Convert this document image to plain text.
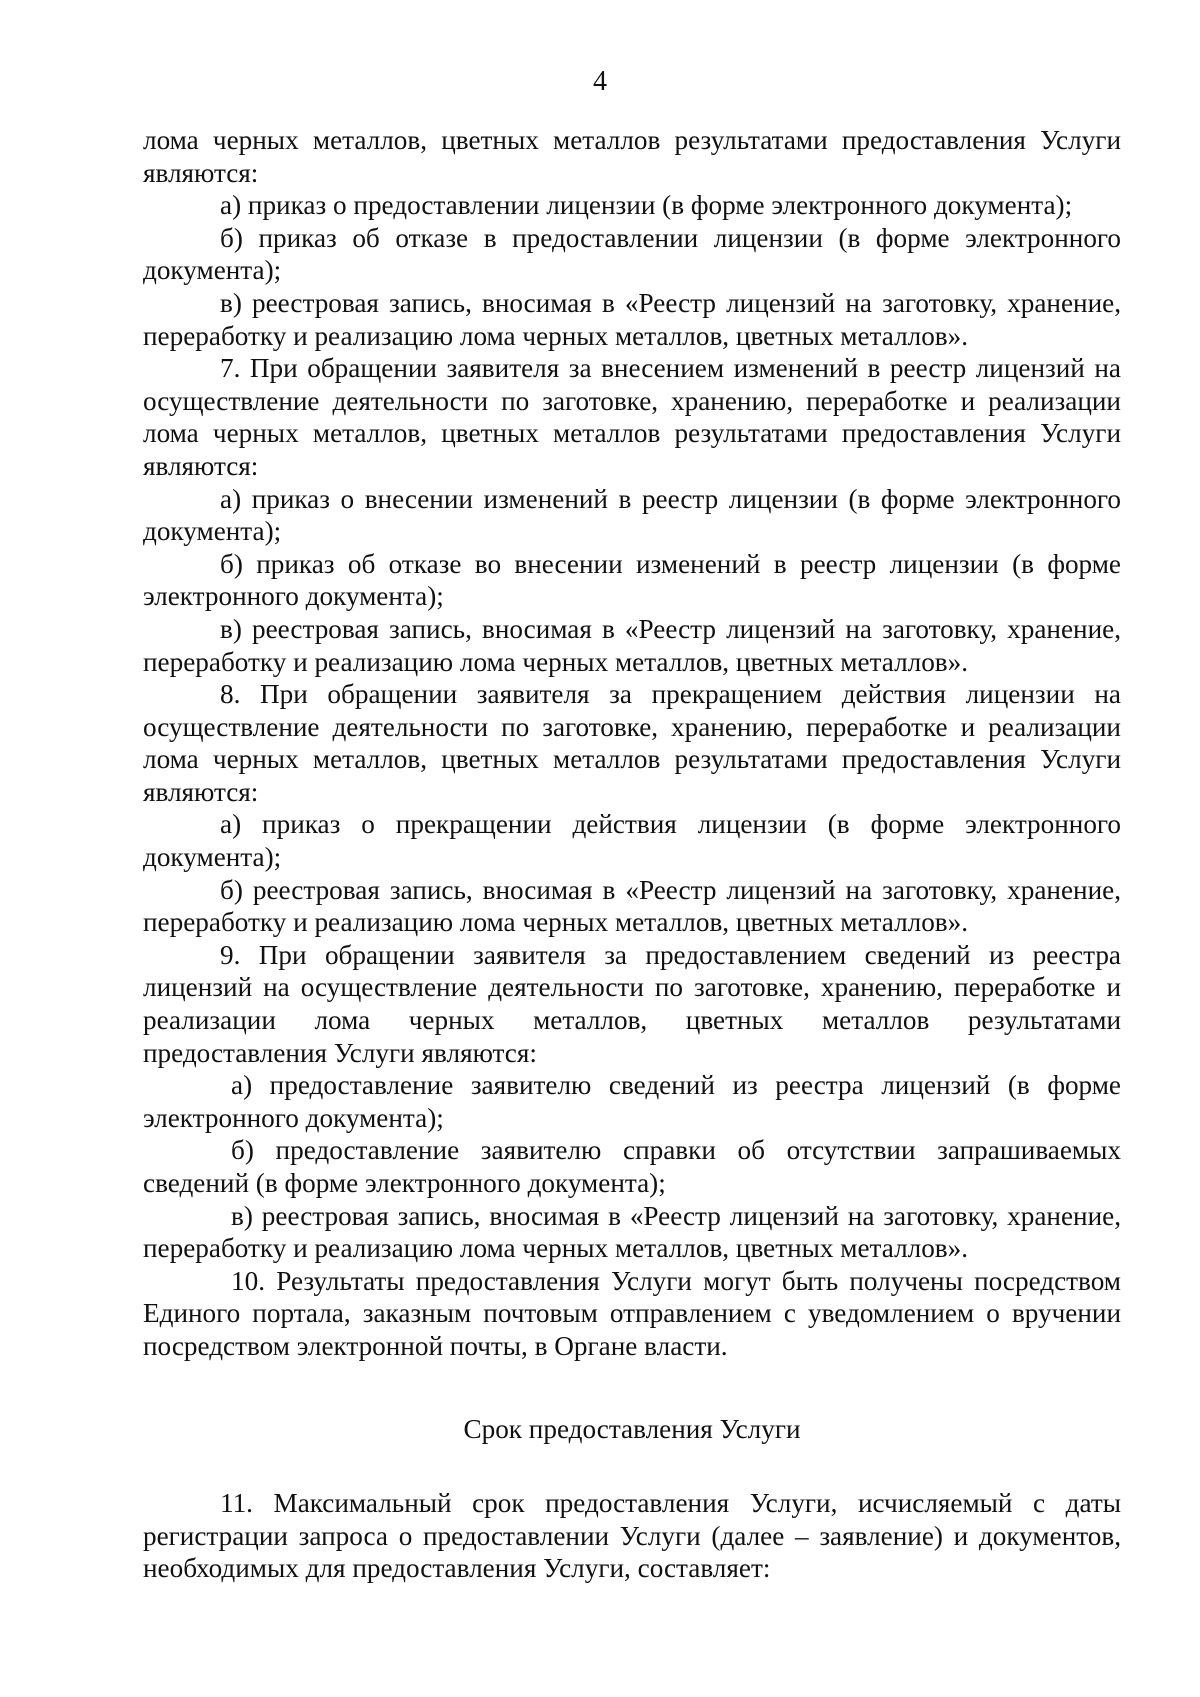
4

лома черных металлов, цветных металлов результатами предоставления Услуги являются:

а) приказ о предоставлении лицензии (в форме электронного документа);

б) приказ об отказе в предоставлении лицензии (в форме электронного документа);

в) реестровая запись, вносимая в «Реестр лицензий на заготовку, хранение, переработку и реализацию лома черных металлов, цветных металлов».

7. При обращении заявителя за внесением изменений в реестр лицензий на осуществление деятельности по заготовке, хранению, переработке и реализации лома черных металлов, цветных металлов результатами предоставления Услуги являются:

а) приказ о внесении изменений в реестр лицензии (в форме электронного документа);

б) приказ об отказе во внесении изменений в реестр лицензии (в форме электронного документа);

в) реестровая запись, вносимая в «Реестр лицензий на заготовку, хранение, переработку и реализацию лома черных металлов, цветных металлов».

8. При обращении заявителя за прекращением действия лицензии на осуществление деятельности по заготовке, хранению, переработке и реализации лома черных металлов, цветных металлов результатами предоставления Услуги являются:

а) приказ о прекращении действия лицензии (в форме электронного документа);

б) реестровая запись, вносимая в «Реестр лицензий на заготовку, хранение, переработку и реализацию лома черных металлов, цветных металлов».

9. При обращении заявителя за предоставлением сведений из реестра лицензий на осуществление деятельности по заготовке, хранению, переработке и реализации лома черных металлов, цветных металлов результатами предоставления Услуги являются:

а) предоставление заявителю сведений из реестра лицензий (в форме электронного документа);

б) предоставление заявителю справки об отсутствии запрашиваемых сведений (в форме электронного документа);

в) реестровая запись, вносимая в «Реестр лицензий на заготовку, хранение, переработку и реализацию лома черных металлов, цветных металлов».

10. Результаты предоставления Услуги могут быть получены посредством Единого портала, заказным почтовым отправлением с уведомлением о вручении посредством электронной почты, в Органе власти.

Срок предоставления Услуги

11. Максимальный срок предоставления Услуги, исчисляемый с даты регистрации запроса о предоставлении Услуги (далее – заявление) и документов, необходимых для предоставления Услуги, составляет:
